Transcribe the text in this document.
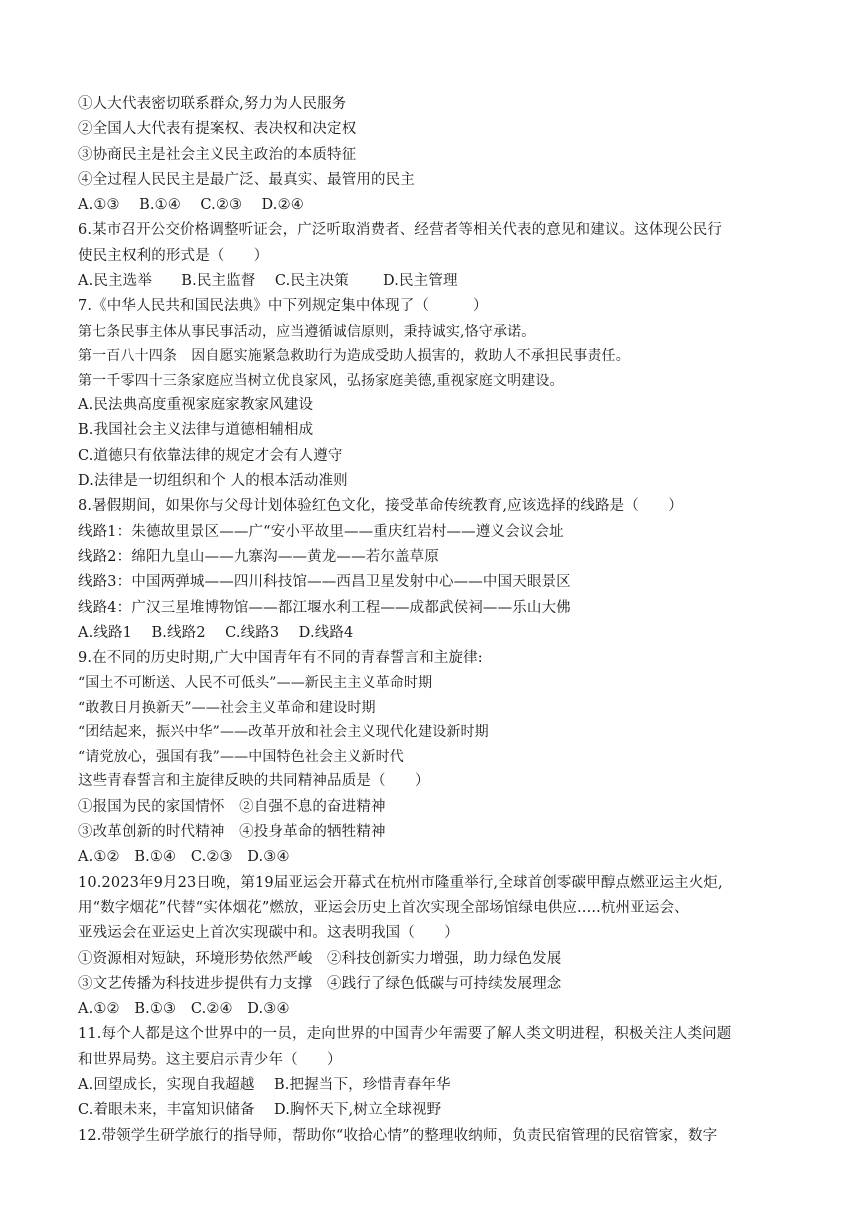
①人大代表密切联系群众,努力为人民服务
②全国人大代表有提案权、表决权和决定权
③协商民主是社会主义民主政治的本质特征
④全过程人民民主是最广泛、最真实、最管用的民主
A.①③　 B.①④　 C.②③　 D.②④
6.某市召开公交价格调整听证会，广泛听取消费者、经营者等相关代表的意见和建议。这体现公民行
使民主权利的形式是（　　）
A.民主选举　　B.民主监督　 C.民主决策　　 D.民主管理
7.《中华人民共和国民法典》中下列规定集中体现了（　　　）
第七条民事主体从事民事活动，应当遵循诚信原则，秉持诚实,恪守承诺。
第一百八十四条　因自愿实施紧急救助行为造成受助人损害的，救助人不承担民事责任。
第一千零四十三条家庭应当树立优良家风，弘扬家庭美德,重视家庭文明建设。
A.民法典高度重视家庭家教家风建设
B.我国社会主义法律与道德相辅相成
C.道德只有依靠法律的规定才会有人遵守
D.法律是一切组织和个 人的根本活动准则
8.暑假期间，如果你与父母计划体验红色文化，接受革命传统教育,应该选择的线路是（　　）
线路1：朱德故里景区——广“安小平故里——重庆红岩村——遵义会议会址
线路2：绵阳九皇山——九寨沟——黄龙——若尔盖草原
线路3：中国两弹城——四川科技馆——西昌卫星发射中心——中国天眼景区
线路4：广汉三星堆博物馆——都江堰水利工程——成都武侯祠——乐山大佛
A.线路1　 B.线路2　 C.线路3　 D.线路4
9.在不同的历史时期,广大中国青年有不同的青春誓言和主旋律:
“国土不可断送、人民不可低头”——新民主主义革命时期
“敢教日月换新天”——社会主义革命和建设时期
“团结起来，振兴中华”——改革开放和社会主义现代化建设新时期
“请党放心，强国有我”——中国特色社会主义新时代
这些青春誓言和主旋律反映的共同精神品质是（　　）
①报国为民的家国情怀　②自强不息的奋进精神
③改革创新的时代精神　④投身革命的牺牲精神
A.①②　B.①④　C.②③　D.③④
10.2023年9月23日晚，第19届亚运会开幕式在杭州市隆重举行,全球首创零碳甲醇点燃亚运主火炬,
用“数字烟花”代替“实体烟花”燃放，亚运会历史上首次实现全部场馆绿电供应.....杭州亚运会、
亚残运会在亚运史上首次实现碳中和。这表明我国（　　）
①资源相对短缺，环境形势依然严峻　②科技创新实力增强，助力绿色发展
③文艺传播为科技进步提供有力支撑　④践行了绿色低碳与可持续发展理念
A.①②　B.①③　C.②④　D.③④
11.每个人都是这个世界中的一员，走向世界的中国青少年需要了解人类文明进程，积极关注人类问题
和世界局势。这主要启示青少年（　　）
A.回望成长，实现自我超越　 B.把握当下，珍惜青春年华
C.着眼未来，丰富知识储备　 D.胸怀天下,树立全球视野
12.带领学生研学旅行的指导师，帮助你“收拾心情”的整理收纳师，负责民宿管理的民宿管家，数字
